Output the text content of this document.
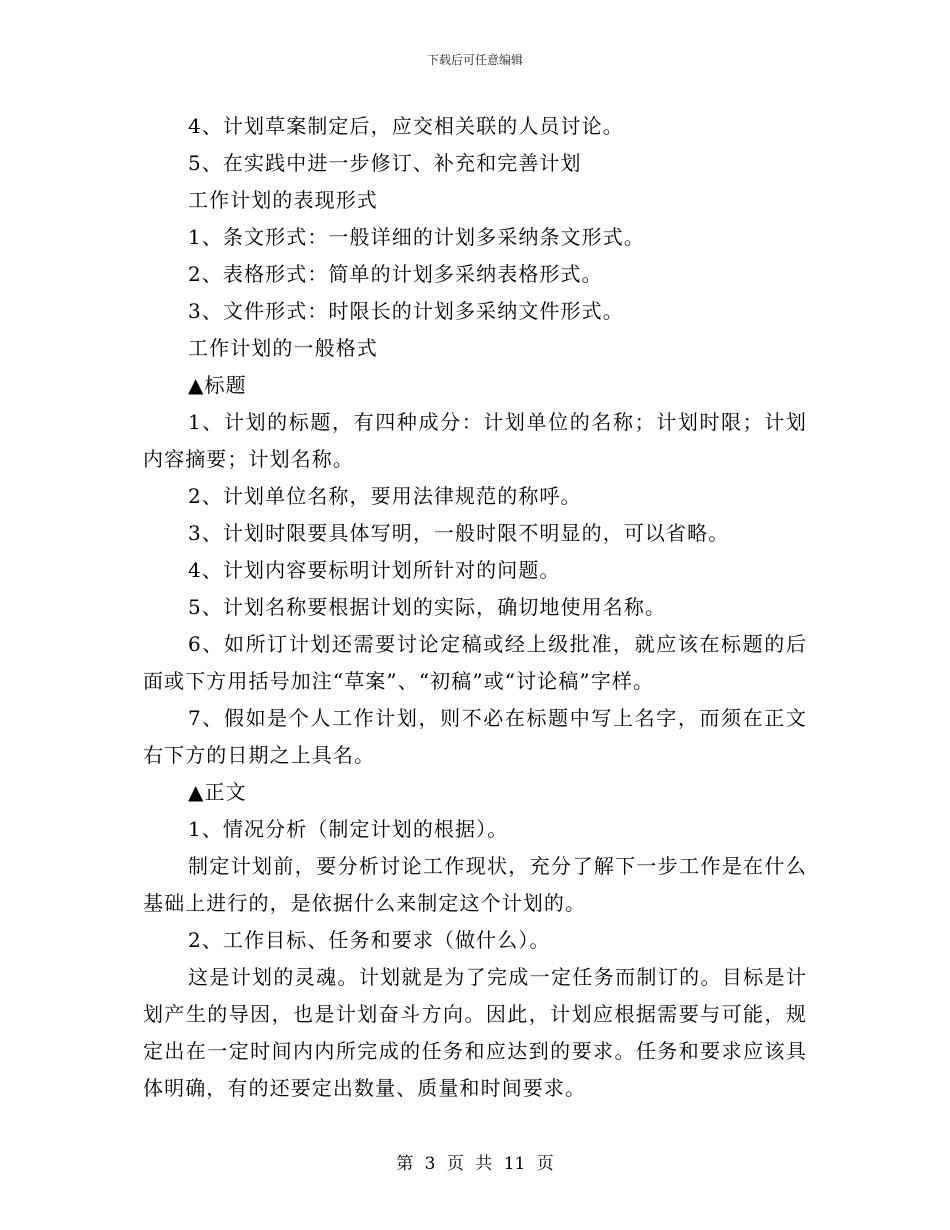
下载后可任意编辑

4、计划草案制定后，应交相关联的人员讨论。

5、在实践中进一步修订、补充和完善计划

工作计划的表现形式

1、条文形式：一般详细的计划多采纳条文形式。

2、表格形式：简单的计划多采纳表格形式。

3、文件形式：时限长的计划多采纳文件形式。

工作计划的一般格式

▲标题

1、计划的标题，有四种成分：计划单位的名称；计划时限；计划内容摘要；计划名称。

2、计划单位名称，要用法律规范的称呼。

3、计划时限要具体写明，一般时限不明显的，可以省略。

4、计划内容要标明计划所针对的问题。

5、计划名称要根据计划的实际，确切地使用名称。

6、如所订计划还需要讨论定稿或经上级批准，就应该在标题的后面或下方用括号加注“草案”、“初稿”或“讨论稿”字样。

7、假如是个人工作计划，则不必在标题中写上名字，而须在正文右下方的日期之上具名。

▲正文

1、情况分析（制定计划的根据）。

制定计划前，要分析讨论工作现状，充分了解下一步工作是在什么基础上进行的，是依据什么来制定这个计划的。

2、工作目标、任务和要求（做什么）。

这是计划的灵魂。计划就是为了完成一定任务而制订的。目标是计划产生的导因，也是计划奋斗方向。因此，计划应根据需要与可能，规定出在一定时间内内所完成的任务和应达到的要求。任务和要求应该具体明确，有的还要定出数量、质量和时间要求。

第 3 页 共 11 页
